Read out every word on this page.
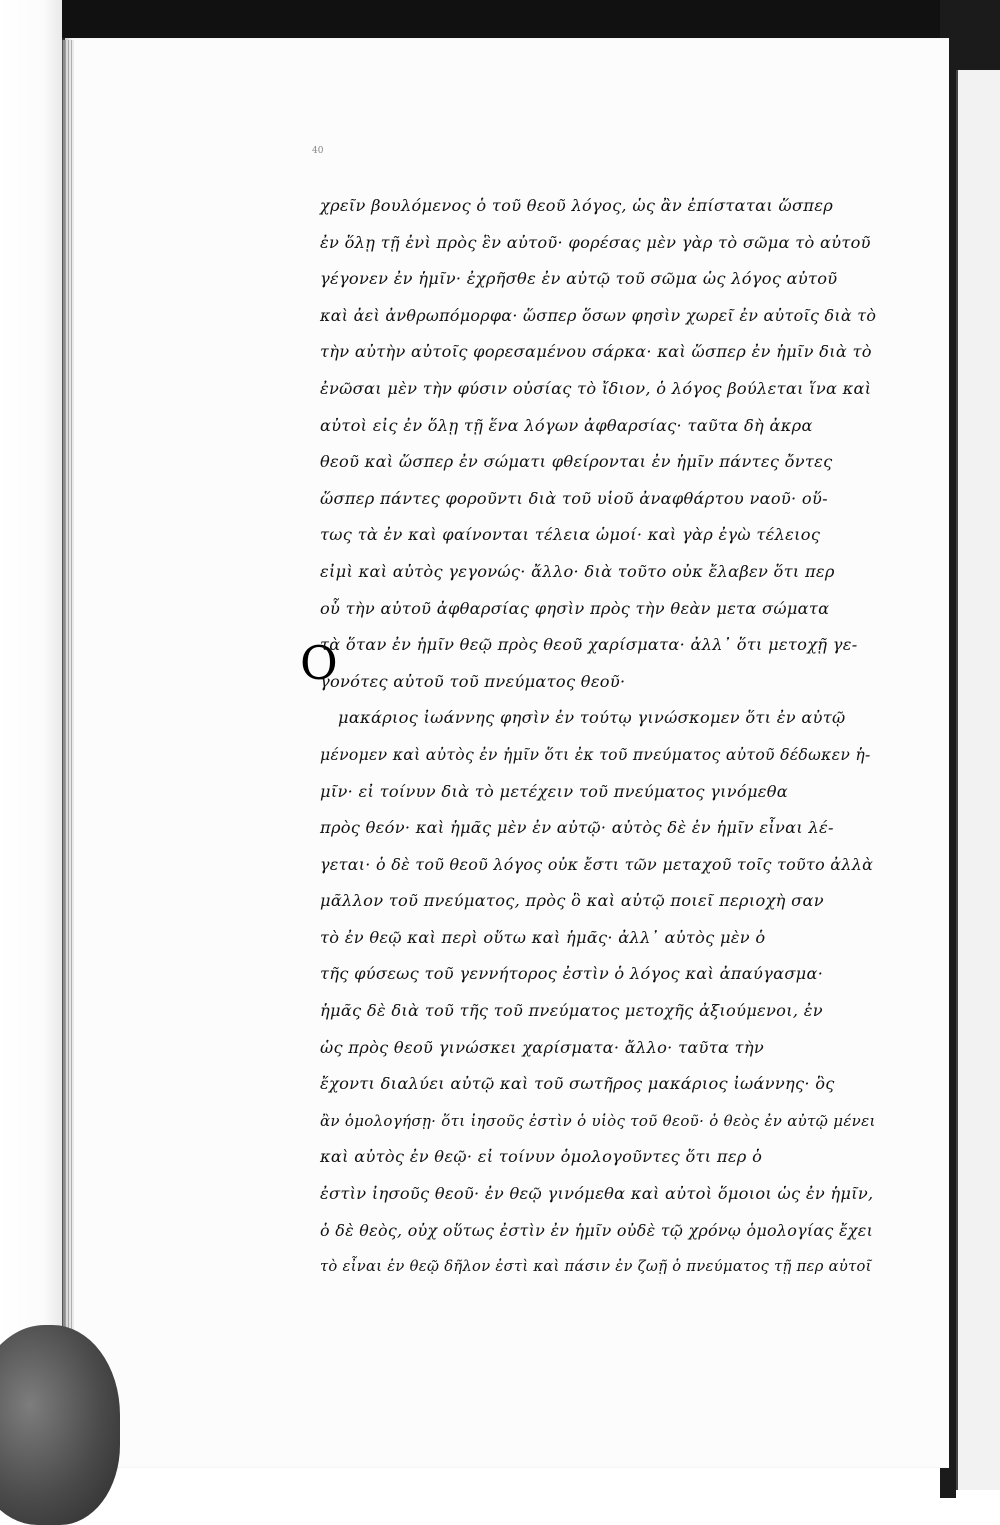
40
Ο
χρεῖν βουλόμενος ὁ τοῦ θεοῦ λόγος, ὡς ἂν ἐπίσταται ὥσπερ
ἐν ὅλῃ τῇ ἐνὶ πρὸς ἓν αὐτοῦ· φορέσας μὲν γὰρ τὸ σῶμα τὸ αὐτοῦ
γέγονεν ἐν ἡμῖν· ἐχρῆσθε ἐν αὐτῷ τοῦ σῶμα ὡς λόγος αὐτοῦ
καὶ ἀεὶ ἀνθρωπόμορφα· ὥσπερ ὅσων φησὶν χωρεῖ ἐν αὐτοῖς διὰ τὸ
τὴν αὐτὴν αὐτοῖς φορεσαμένου σάρκα· καὶ ὥσπερ ἐν ἡμῖν διὰ τὸ
ἐνῶσαι μὲν τὴν φύσιν οὐσίας τὸ ἴδιον, ὁ λόγος βούλεται ἵνα καὶ
αὐτοὶ εἰς ἐν ὅλῃ τῇ ἕνα λόγων ἀφθαρσίας· ταῦτα δὴ ἀκρα
θεοῦ καὶ ὥσπερ ἐν σώματι φθείρονται ἐν ἡμῖν πάντες ὄντες
ὥσπερ πάντες φοροῦντι διὰ τοῦ υἱοῦ ἀναφθάρτου ναοῦ· οὕ-
τως τὰ ἐν καὶ φαίνονται τέλεια ὡμοί· καὶ γὰρ ἐγὼ τέλειος
εἰμὶ καὶ αὐτὸς γεγονώς· ἄλλο· διὰ τοῦτο οὐκ ἔλαβεν ὅτι περ
οὗ τὴν αὐτοῦ ἀφθαρσίας φησὶν πρὸς τὴν θεὰν μετα σώματα
τὰ ὅταν ἐν ἡμῖν θεῷ πρὸς θεοῦ χαρίσματα· ἀλλ᾽ ὅτι μετοχῇ γε-
γονότες αὐτοῦ τοῦ πνεύματος θεοῦ·
μακάριος ἰωάννης φησὶν ἐν τούτῳ γινώσκομεν ὅτι ἐν αὐτῷ
μένομεν καὶ αὐτὸς ἐν ἡμῖν ὅτι ἐκ τοῦ πνεύματος αὐτοῦ δέδωκεν ἡ-
μῖν· εἰ τοίνυν διὰ τὸ μετέχειν τοῦ πνεύματος γινόμεθα
πρὸς θεόν· καὶ ἡμᾶς μὲν ἐν αὐτῷ· αὐτὸς δὲ ἐν ἡμῖν εἶναι λέ-
γεται· ὁ δὲ τοῦ θεοῦ λόγος οὐκ ἔστι τῶν μεταχοῦ τοῖς τοῦτο ἀλλὰ
μᾶλλον τοῦ πνεύματος, πρὸς ὃ καὶ αὐτῷ ποιεῖ περιοχὴ σαν
τὸ ἐν θεῷ καὶ περὶ οὕτω καὶ ἡμᾶς· ἀλλ᾽ αὐτὸς μὲν ὁ
τῆς φύσεως τοῦ γεννήτορος ἐστὶν ὁ λόγος καὶ ἀπαύγασμα·
ἡμᾶς δὲ διὰ τοῦ τῆς τοῦ πνεύματος μετοχῆς ἀξιούμενοι, ἐν
ὡς πρὸς θεοῦ γινώσκει χαρίσματα· ἄλλο· ταῦτα τὴν
ἔχοντι διαλύει αὐτῷ καὶ τοῦ σωτῆρος μακάριος ἰωάννης· ὃς
ἂν ὁμολογήσῃ· ὅτι ἰησοῦς ἐστὶν ὁ υἱὸς τοῦ θεοῦ· ὁ θεὸς ἐν αὐτῷ μένει
καὶ αὐτὸς ἐν θεῷ· εἰ τοίνυν ὁμολογοῦντες ὅτι περ ὁ
ἐστὶν ἰησοῦς θεοῦ· ἐν θεῷ γινόμεθα καὶ αὐτοὶ ὅμοιοι ὡς ἐν ἡμῖν,
ὁ δὲ θεὸς, οὐχ οὕτως ἐστὶν ἐν ἡμῖν οὐδὲ τῷ χρόνῳ ὁμολογίας ἔχει
τὸ εἶναι ἐν θεῷ δῆλον ἐστὶ καὶ πάσιν ἐν ζωῇ ὁ πνεύματος τῇ περ αὐτοῖ
